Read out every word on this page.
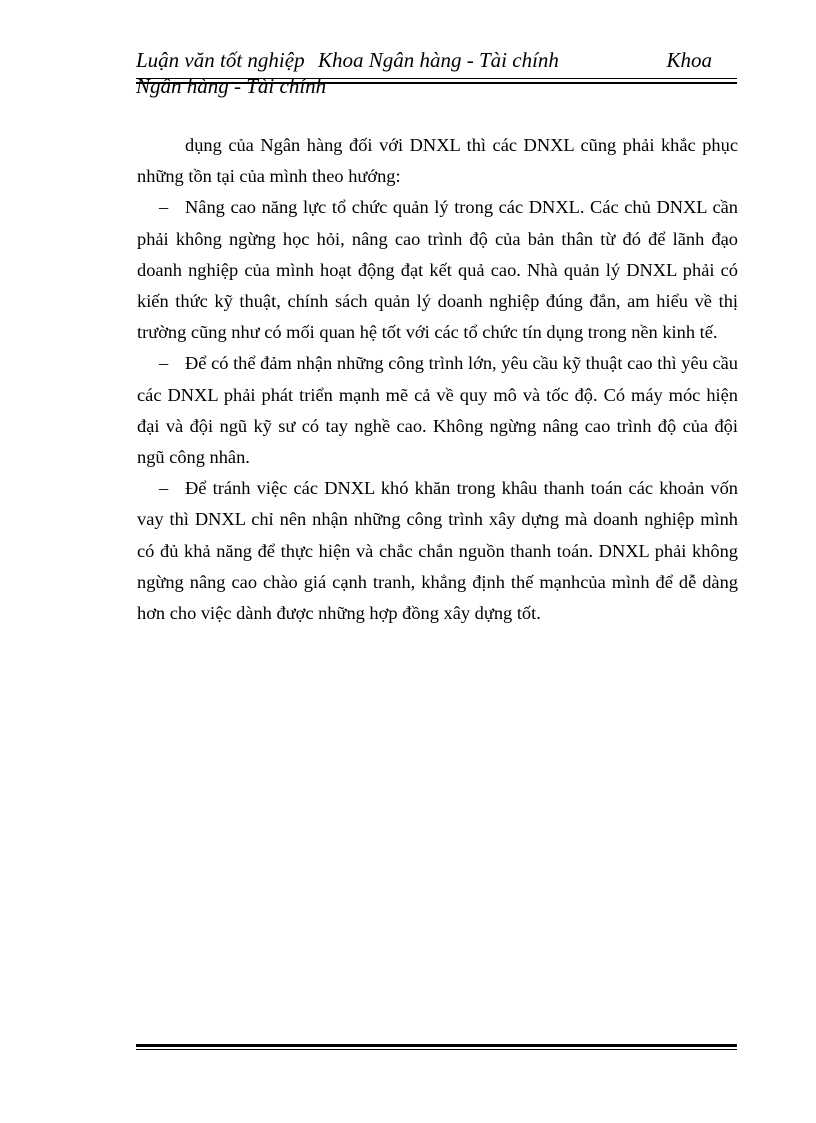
Luận văn tốt nghiệp Khoa Ngân hàng - Tài chính	Khoa
Ngân hàng - Tài chính

dụng của Ngân hàng đối với DNXL thì các DNXL cũng phải khắc phục những tồn tại của mình theo hướng:

– Nâng cao năng lực tổ chức quản lý trong các DNXL. Các chủ DNXL cần phải không ngừng học hỏi, nâng cao trình độ của bản thân từ đó để lãnh đạo doanh nghiệp của mình hoạt động đạt kết quả cao. Nhà quản lý DNXL phải có kiến thức kỹ thuật, chính sách quản lý doanh nghiệp đúng đắn, am hiểu về thị trường cũng như có mối quan hệ tốt với các tổ chức tín dụng trong nền kinh tế.

– Để có thể đảm nhận những công trình lớn, yêu cầu kỹ thuật cao thì yêu cầu các DNXL phải phát triển mạnh mẽ cả về quy mô và tốc độ. Có máy móc hiện đại và đội ngũ kỹ sư có tay nghề cao. Không ngừng nâng cao trình độ của đội ngũ công nhân.

– Để tránh việc các DNXL khó khăn trong khâu thanh toán các khoản vốn vay thì DNXL chỉ nên nhận những công trình xây dựng mà doanh nghiệp mình có đủ khả năng để thực hiện và chắc chắn nguồn thanh toán. DNXL phải không ngừng nâng cao chào giá cạnh tranh, khẳng định thế mạnhcủa mình để dễ dàng hơn cho việc dành được những hợp đồng xây dựng tốt.
